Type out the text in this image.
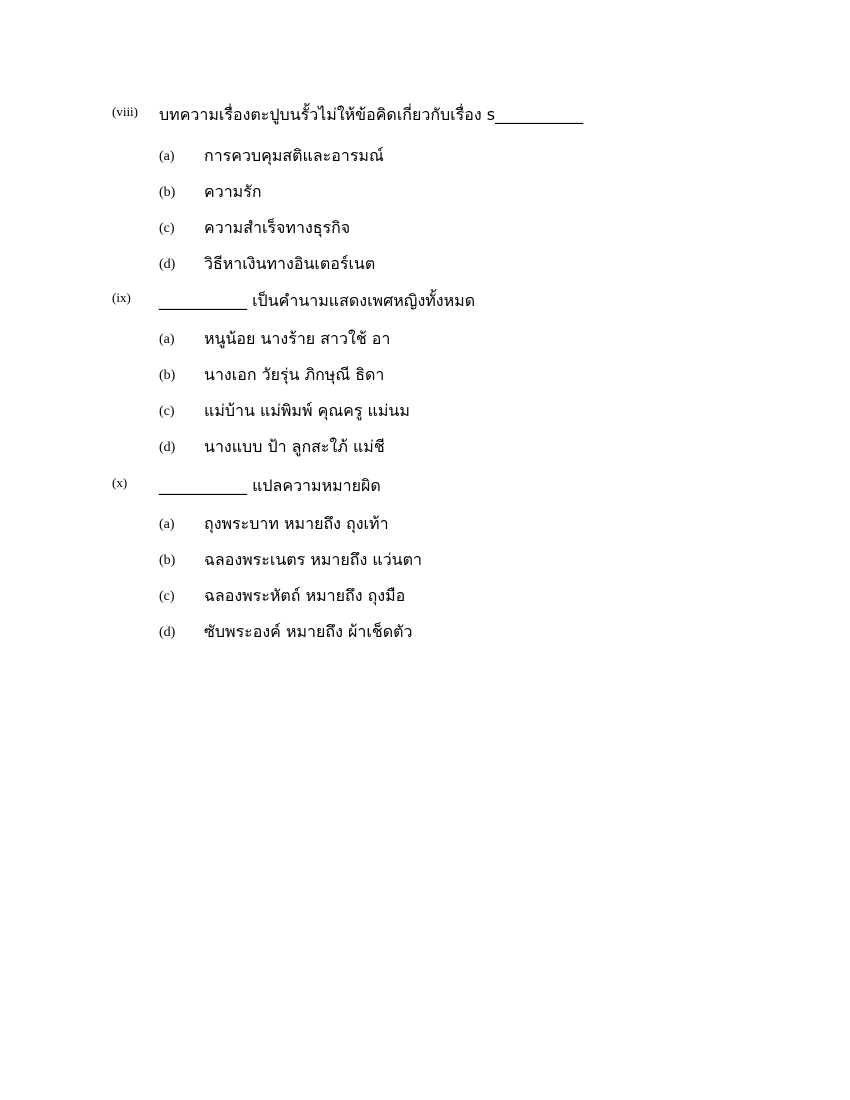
(viii) บทความเรื่องตะปูบนรั้วไม่ให้ข้อคิดเกี่ยวกับเรื่อง s___________
(a) การควบคุมสติและอารมณ์
(b) ความรัก
(c) ความสำเร็จทางธุรกิจ
(d) วิธีหาเงินทางอินเตอร์เนต
(ix) ___________ เป็นคำนามแสดงเพศหญิงทั้งหมด
(a) หนูน้อย นางร้าย สาวใช้ อา
(b) นางเอก วัยรุ่น ภิกษุณี ธิดา
(c) แม่บ้าน แม่พิมพ์ คุณครู แม่นม
(d) นางแบบ ป้า ลูกสะใภ้ แม่ชี
(x) ___________ แปลความหมายผิด
(a) ถุงพระบาท หมายถึง ถุงเท้า
(b) ฉลองพระเนตร หมายถึง แว่นตา
(c) ฉลองพระหัตถ์ หมายถึง ถุงมือ
(d) ซับพระองค์ หมายถึง ผ้าเช็ดตัว
